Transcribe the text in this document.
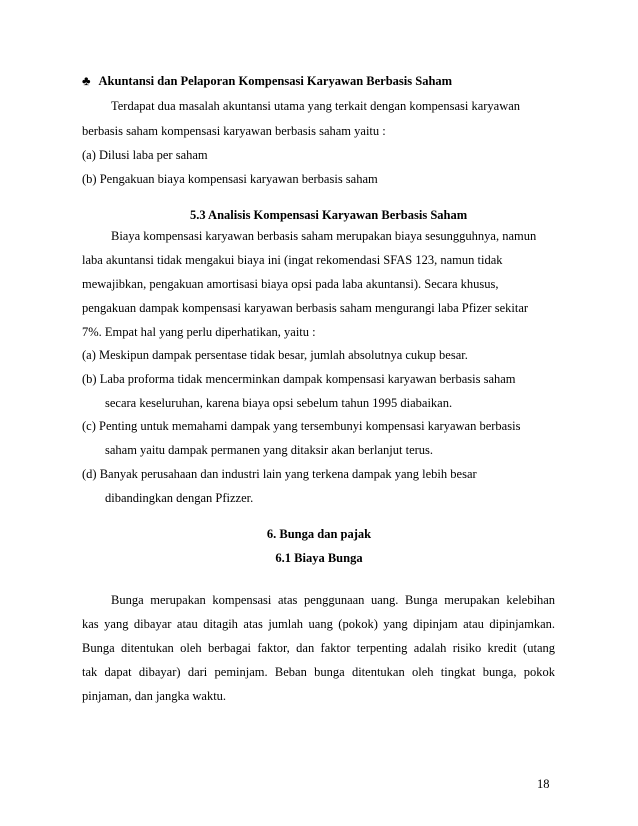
♣ Akuntansi dan Pelaporan Kompensasi Karyawan Berbasis Saham
Terdapat dua masalah akuntansi utama yang terkait dengan kompensasi karyawan
berbasis saham kompensasi karyawan berbasis saham yaitu :
(a) Dilusi laba per saham
(b) Pengakuan biaya kompensasi karyawan berbasis saham
5.3 Analisis Kompensasi Karyawan Berbasis Saham
Biaya kompensasi karyawan berbasis saham merupakan biaya sesungguhnya, namun
laba akuntansi tidak mengakui biaya ini (ingat rekomendasi SFAS 123, namun tidak
mewajibkan, pengakuan amortisasi biaya opsi pada laba akuntansi). Secara khusus,
pengakuan dampak kompensasi karyawan berbasis saham mengurangi laba Pfizer sekitar
7%. Empat hal yang perlu diperhatikan, yaitu :
(a) Meskipun dampak persentase tidak besar, jumlah absolutnya cukup besar.
(b) Laba proforma tidak mencerminkan dampak kompensasi karyawan berbasis saham
secara keseluruhan, karena biaya opsi sebelum tahun 1995 diabaikan.
(c) Penting untuk memahami dampak yang tersembunyi kompensasi karyawan berbasis
saham yaitu dampak permanen yang ditaksir akan berlanjut terus.
(d) Banyak perusahaan dan industri lain yang terkena dampak yang lebih besar
dibandingkan dengan Pfizzer.
6. Bunga dan pajak
6.1 Biaya Bunga
Bunga merupakan kompensasi atas penggunaan uang. Bunga merupakan kelebihan
kas yang dibayar atau ditagih atas jumlah uang (pokok) yang dipinjam atau dipinjamkan.
Bunga ditentukan oleh berbagai faktor, dan faktor terpenting adalah risiko kredit (utang
tak dapat dibayar) dari peminjam. Beban bunga ditentukan oleh tingkat bunga, pokok
pinjaman, dan jangka waktu.
18
